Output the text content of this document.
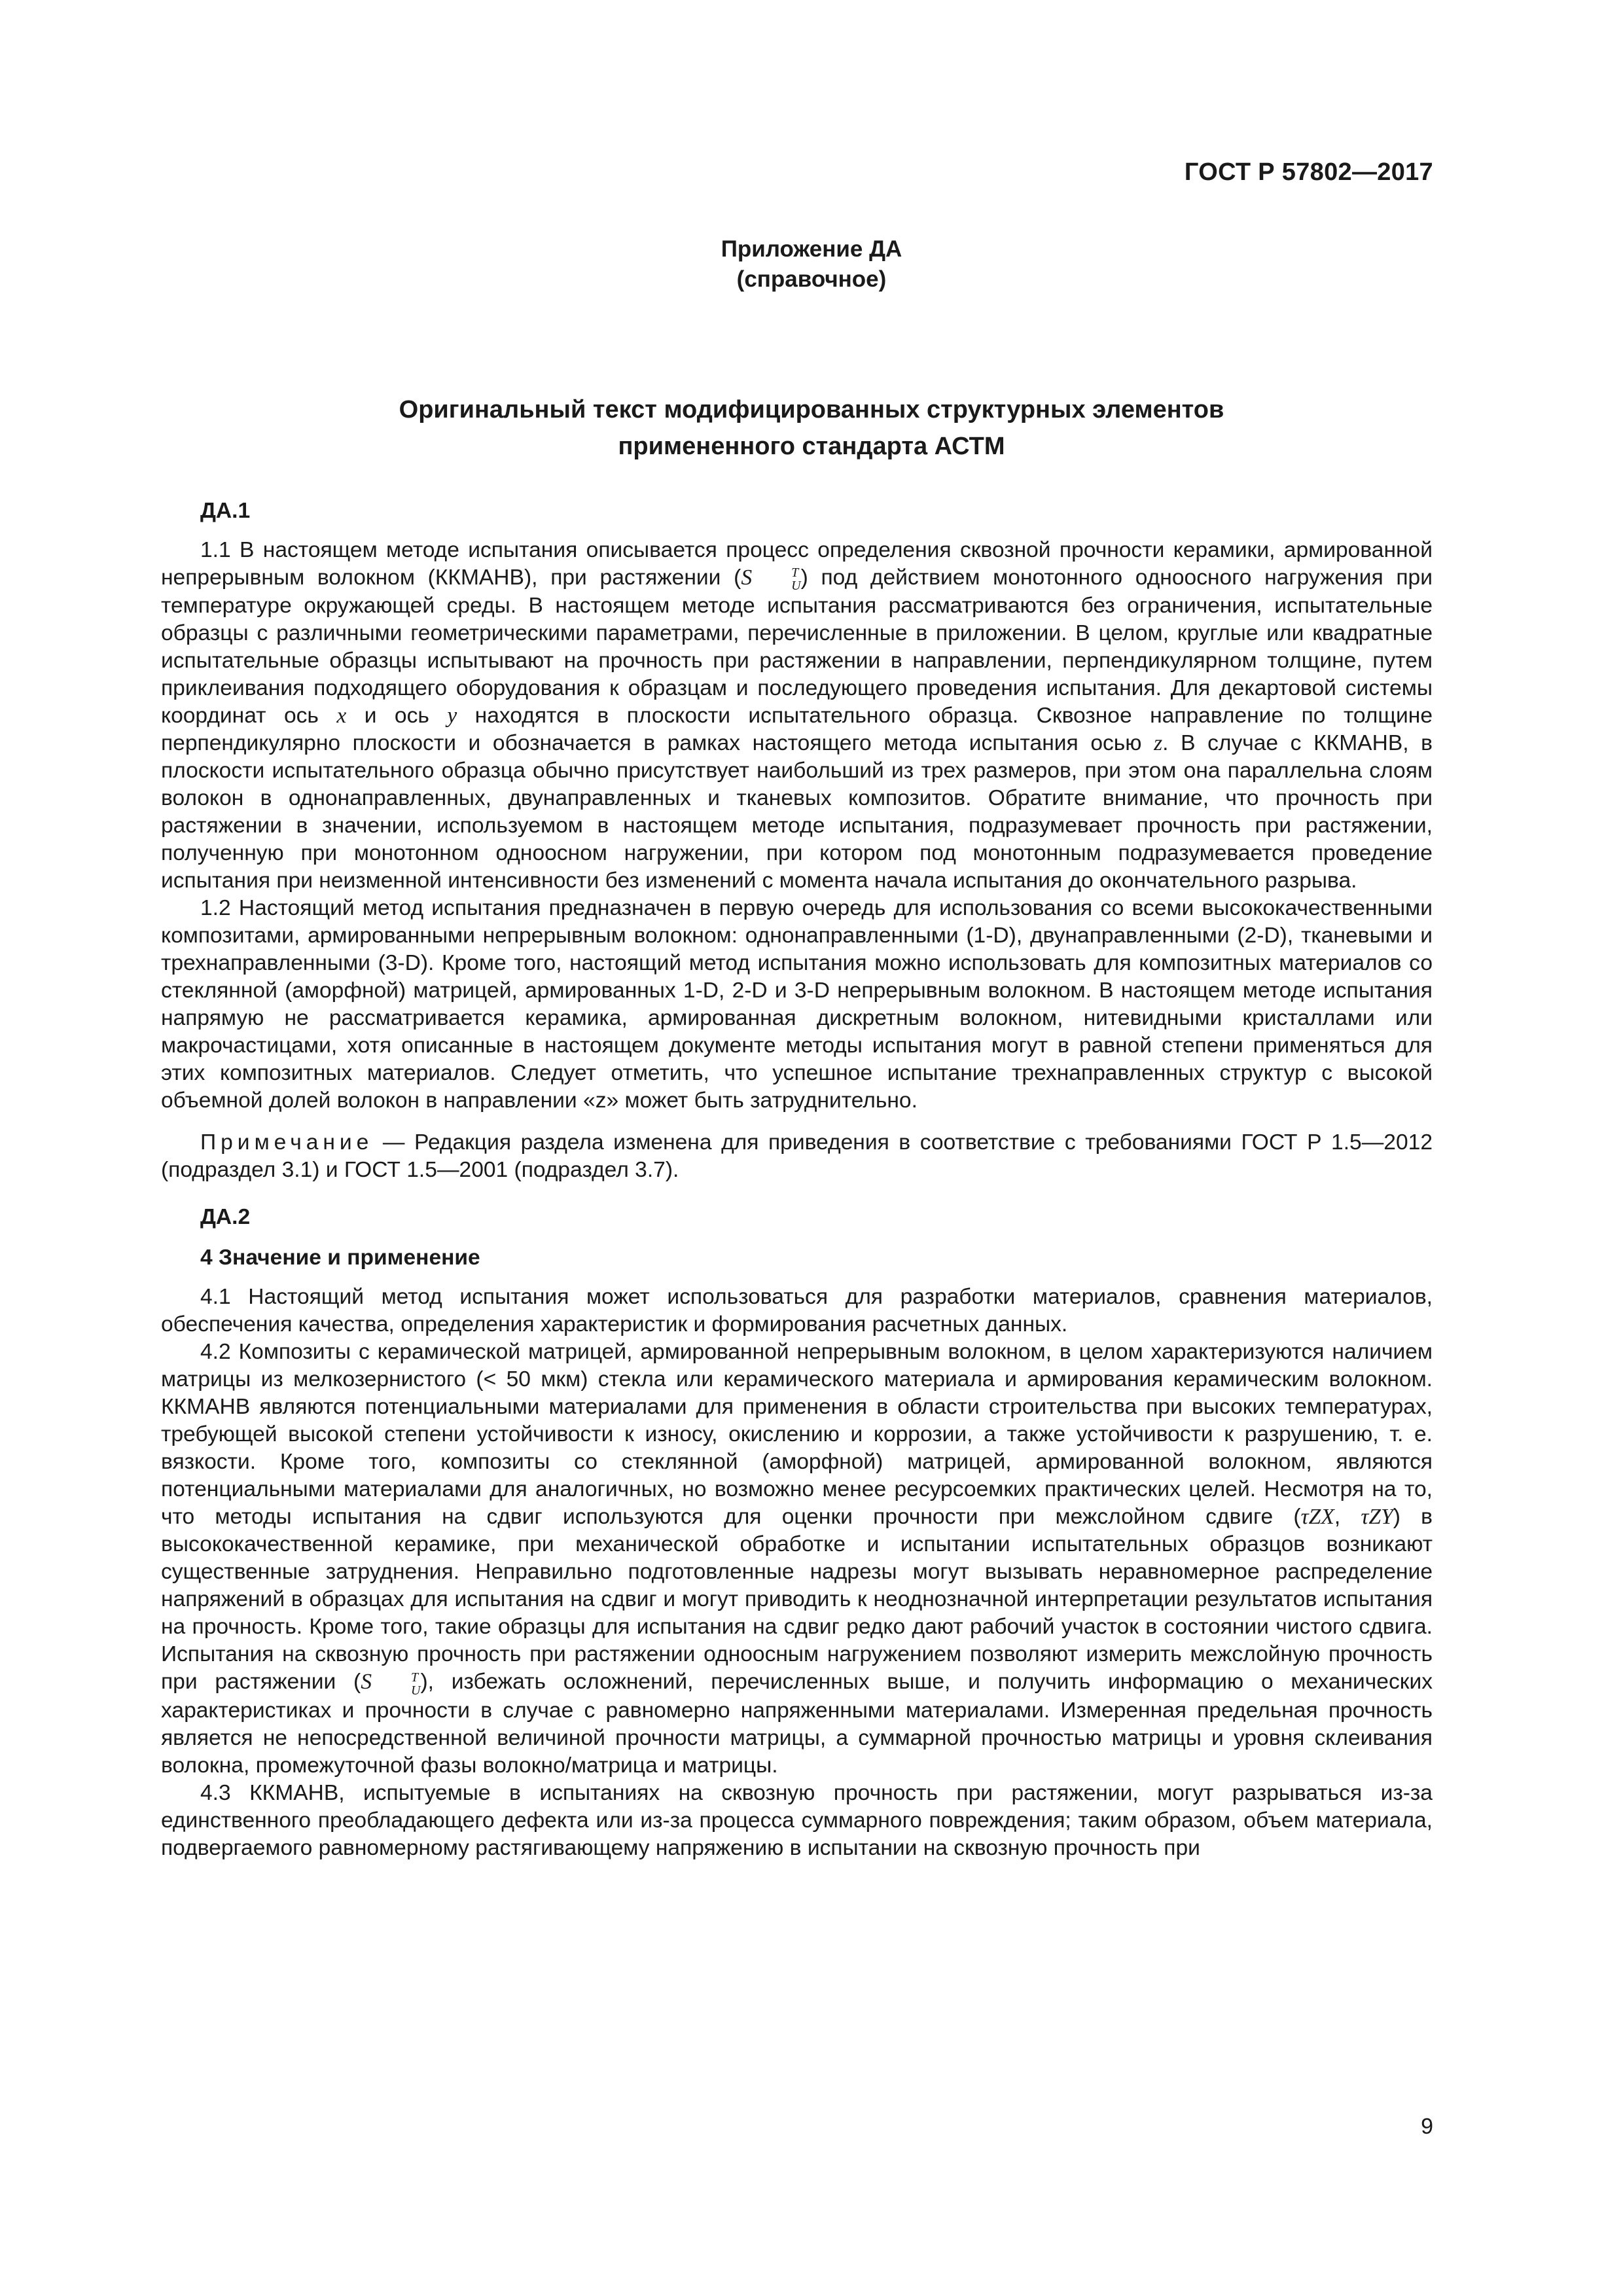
ГОСТ Р 57802—2017
Приложение ДА
(справочное)
Оригинальный текст модифицированных структурных элементов
примененного стандарта АСТМ

ДА.1

1.1 В настоящем методе испытания описывается процесс определения сквозной прочности керамики, армированной непрерывным волокном (ККМАНВ), при растяжении (S	T
U ) под действием монотонного одноосного нагружения при температуре окружающей среды. В настоящем методе испытания рассматриваются без ограничения, испытательные образцы с различными геометрическими параметрами, перечисленные в приложении. В целом, круглые или квадратные испытательные образцы испытывают на прочность при растяжении в направлении, перпендикулярном толщине, путем приклеивания подходящего оборудования к образцам и последующего проведения испытания. Для декартовой системы координат ось x и ось y находятся в плоскости испытательного образца. Сквозное направление по толщине перпендикулярно плоскости и обозначается в рамках настоящего метода испытания осью z. В случае с ККМАНВ, в плоскости испытательного образца обычно присутствует наибольший из трех размеров, при этом она параллельна слоям волокон в однонаправленных, двунаправленных и тканевых композитов. Обратите внимание, что прочность при растяжении в значении, используемом в настоящем методе испытания, подразумевает прочность при растяжении, полученную при монотонном одноосном нагружении, при котором под монотонным подразумевается проведение испытания при неизменной интенсивности без изменений с момента начала испытания до окончательного разрыва.

1.2 Настоящий метод испытания предназначен в первую очередь для использования со всеми высококачественными композитами, армированными непрерывным волокном: однонаправленными (1-D), двунаправленными (2-D), тканевыми и трехнаправленными (3-D). Кроме того, настоящий метод испытания можно использовать для композитных материалов со стеклянной (аморфной) матрицей, армированных 1-D, 2-D и 3-D непрерывным волокном. В настоящем методе испытания напрямую не рассматривается керамика, армированная дискретным волокном, нитевидными кристаллами или макрочастицами, хотя описанные в настоящем документе методы испытания могут в равной степени применяться для этих композитных материалов. Следует отметить, что успешное испытание трехнаправленных структур с высокой объемной долей волокон в направлении «z» может быть затруднительно.

Примечание — Редакция раздела изменена для приведения в соответствие с требованиями ГОСТ Р 1.5—2012 (подраздел 3.1) и ГОСТ 1.5—2001 (подраздел 3.7).

ДА.2

4 Значение и применение

4.1 Настоящий метод испытания может использоваться для разработки материалов, сравнения материалов, обеспечения качества, определения характеристик и формирования расчетных данных.

4.2 Композиты с керамической матрицей, армированной непрерывным волокном, в целом характеризуются наличием матрицы из мелкозернистого (< 50 мкм) стекла или керамического материала и армирования керамическим волокном. ККМАНВ являются потенциальными материалами для применения в области строительства при высоких температурах, требующей высокой степени устойчивости к износу, окислению и коррозии, а также устойчивости к разрушению, т. е. вязкости. Кроме того, композиты со стеклянной (аморфной) матрицей, армированной волокном, являются потенциальными материалами для аналогичных, но возможно менее ресурсоемких практических целей. Несмотря на то, что методы испытания на сдвиг используются для оценки прочности при межслойном сдвиге (τZX, τZY) в высококачественной керамике, при механической обработке и испытании испытательных образцов возникают существенные затруднения. Неправильно подготовленные надрезы могут вызывать неравномерное распределение напряжений в образцах для испытания на сдвиг и могут приводить к неоднозначной интерпретации результатов испытания на прочность. Кроме того, такие образцы для испытания на сдвиг редко дают рабочий участок в состоянии чистого сдвига. Испытания на сквозную прочность при растяжении одноосным нагружением позволяют измерить межслойную прочность при растяжении (S	T
U ), избежать осложнений, перечисленных выше, и получить информацию о механических характеристиках и прочности в случае с равномерно напряженными материалами. Измеренная предельная прочность является не непосредственной величиной прочности матрицы, а суммарной прочностью матрицы и уровня склеивания волокна, промежуточной фазы волокно/матрица и матрицы.

4.3 ККМАНВ, испытуемые в испытаниях на сквозную прочность при растяжении, могут разрываться из-за единственного преобладающего дефекта или из-за процесса суммарного повреждения; таким образом, объем материала, подвергаемого равномерному растягивающему напряжению в испытании на сквозную прочность при

9
